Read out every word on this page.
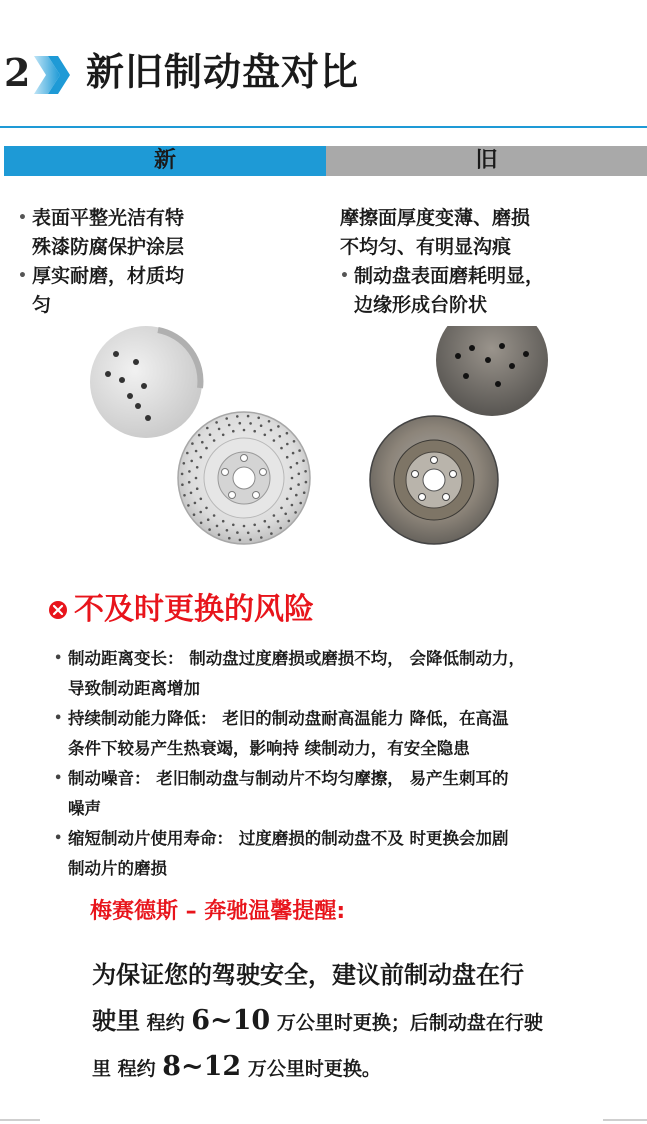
2	新旧制动盘对比
新	旧
• 表面平整光洁有特
殊漆防腐保护涂层
• 厚实耐磨，材质均
匀
摩擦面厚度变薄、磨损
不均匀、有明显沟痕
• 制动盘表面磨耗明显，
边缘形成台阶状
不及时更换的风险
• 制动距离变长： 制动盘过度磨损或磨损不均， 会降低制动力，
导致制动距离增加
• 持续制动能力降低： 老旧的制动盘耐高温能力 降低，在高温
条件下较易产生热衰竭，影响持 续制动力，有安全隐患
• 制动噪音： 老旧制动盘与制动片不均匀摩擦， 易产生刺耳的
噪声
• 缩短制动片使用寿命： 过度磨损的制动盘不及 时更换会加剧
制动片的磨损
梅赛德斯 – 奔驰温馨提醒:
为保证您的驾驶安全，建议前制动盘在行
驶里 程约 6~10 万公里时更换；后制动盘在行驶
里 程约 8~12 万公里时更换。
